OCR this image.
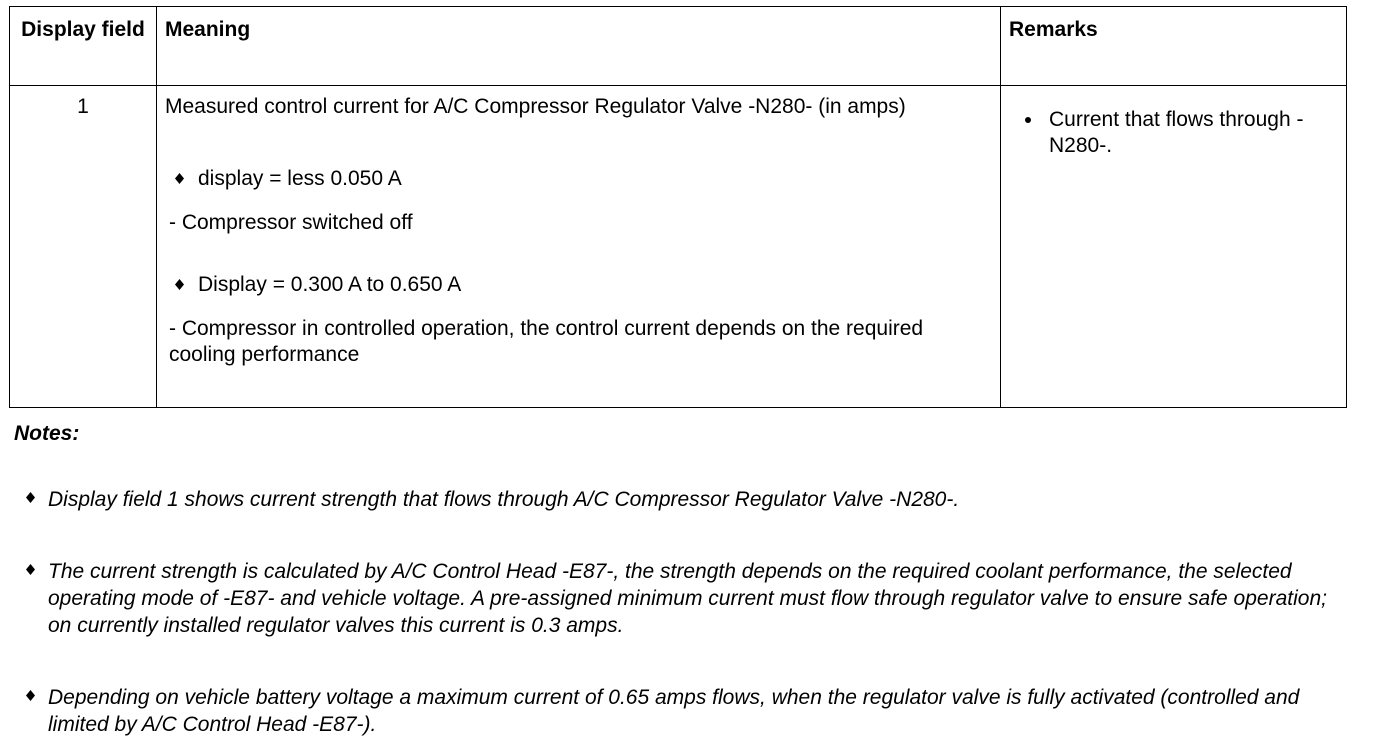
Display field	Meaning	Remarks
1	Measured control current for A/C Compressor Regulator Valve -N280- (in amps)
display = less 0.050 A
- Compressor switched off
Display = 0.300 A to 0.650 A
- Compressor in controlled operation, the control current depends on the required cooling performance	Current that flows through -N280-.
Notes:
Display field 1 shows current strength that flows through A/C Compressor Regulator Valve -N280-.
The current strength is calculated by A/C Control Head -E87-, the strength depends on the required coolant performance, the selected operating mode of -E87- and vehicle voltage. A pre-assigned minimum current must flow through regulator valve to ensure safe operation; on currently installed regulator valves this current is 0.3 amps.
Depending on vehicle battery voltage a maximum current of 0.65 amps flows, when the regulator valve is fully activated (controlled and limited by A/C Control Head -E87-).
